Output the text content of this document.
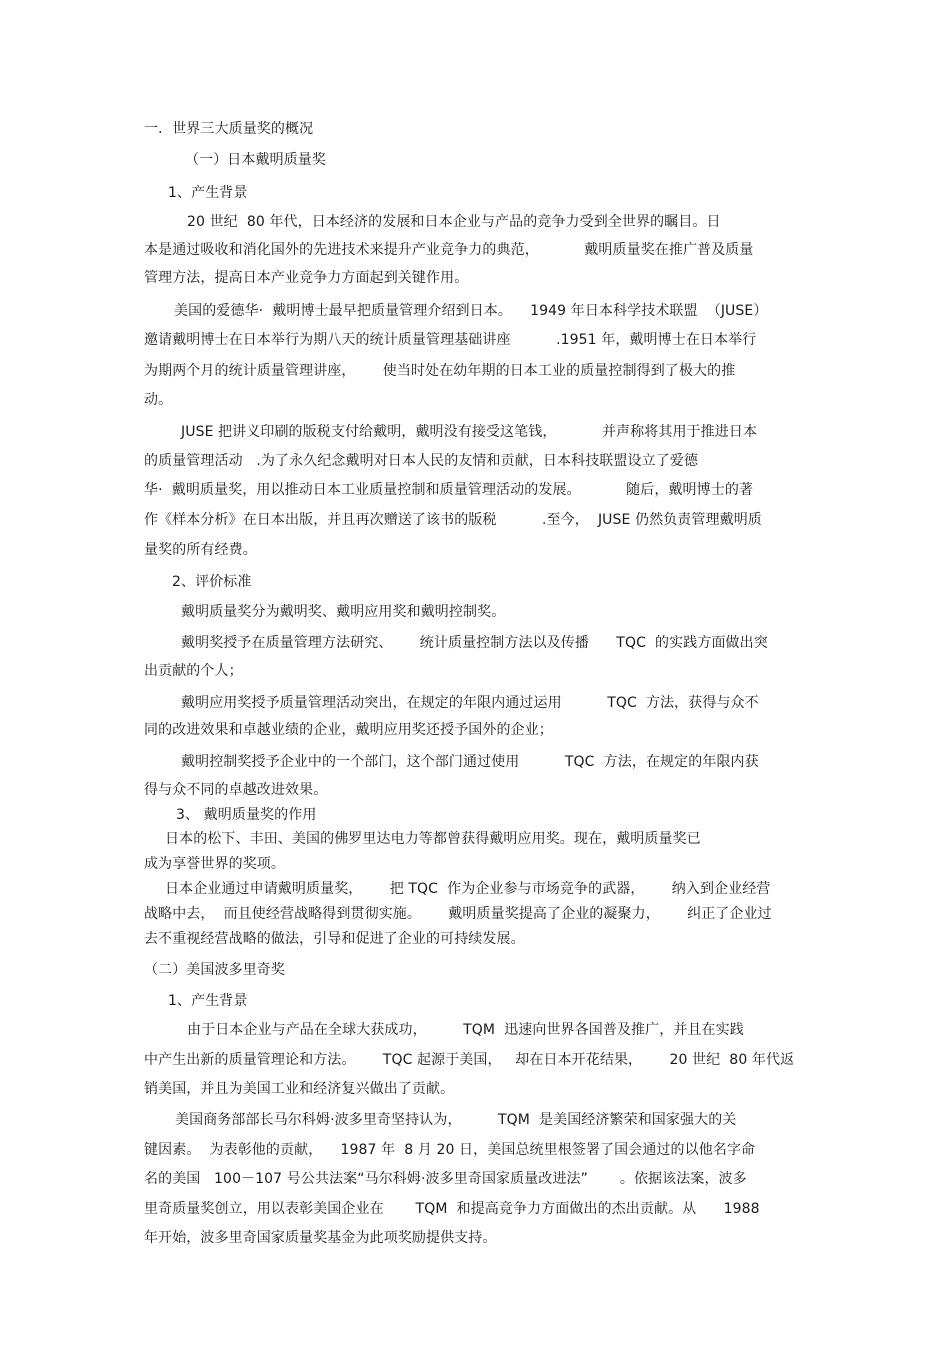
一．世界三大质量奖的概况
（一）日本戴明质量奖
1、产生背景
20 世纪  80 年代，日本经济的发展和日本企业与产品的竞争力受到全世界的瞩目。日
本是通过吸收和消化国外的先进技术来提升产业竞争力的典范，          戴明质量奖在推广普及质量
管理方法，提高日本产业竞争力方面起到关键作用。
美国的爱德华·  戴明博士最早把质量管理介绍到日本。    1949 年日本科学技术联盟  （JUSE）
邀请戴明博士在日本举行为期八天的统计质量管理基础讲座          .1951 年，戴明博士在日本举行
为期两个月的统计质量管理讲座，      使当时处在幼年期的日本工业的质量控制得到了极大的推
动。
JUSE 把讲义印刷的版税支付给戴明，戴明没有接受这笔钱，          并声称将其用于推进日本
的质量管理活动   .为了永久纪念戴明对日本人民的友情和贡献，日本科技联盟设立了爱德
华·  戴明质量奖，用以推动日本工业质量控制和质量管理活动的发展。          随后，戴明博士的著
作《样本分析》在日本出版，并且再次赠送了该书的版税          .至今，  JUSE 仍然负责管理戴明质
量奖的所有经费。
2、评价标准
戴明质量奖分为戴明奖、戴明应用奖和戴明控制奖。
戴明奖授予在质量管理方法研究、      统计质量控制方法以及传播      TQC  的实践方面做出突
出贡献的个人；
戴明应用奖授予质量管理活动突出，在规定的年限内通过运用          TQC  方法，获得与众不
同的改进效果和卓越业绩的企业，戴明应用奖还授予国外的企业；
戴明控制奖授予企业中的一个部门，这个部门通过使用          TQC  方法，在规定的年限内获
得与众不同的卓越改进效果。
3、 戴明质量奖的作用
日本的松下、丰田、美国的佛罗里达电力等都曾获得戴明应用奖。现在，戴明质量奖已
成为享誉世界的奖项。
日本企业通过申请戴明质量奖，      把 TQC  作为企业参与市场竞争的武器，      纳入到企业经营
战略中去，  而且使经营战略得到贯彻实施。      戴明质量奖提高了企业的凝聚力，      纠正了企业过
去不重视经营战略的做法，引导和促进了企业的可持续发展。
（二）美国波多里奇奖
1、产生背景
由于日本企业与产品在全球大获成功，        TQM  迅速向世界各国普及推广，并且在实践
中产生出新的质量管理论和方法。      TQC 起源于美国，   却在日本开花结果，      20 世纪  80 年代返
销美国，并且为美国工业和经济复兴做出了贡献。
美国商务部部长马尔科姆·波多里奇坚持认为，        TQM  是美国经济繁荣和国家强大的关
键因素。  为表彰他的贡献，    1987 年  8 月 20 日，美国总统里根签署了国会通过的以他名字命
名的美国   100－107 号公共法案“马尔科姆·波多里奇国家质量改进法”       。依据该法案，波多
里奇质量奖创立，用以表彰美国企业在       TQM  和提高竞争力方面做出的杰出贡献。从      1988
年开始，波多里奇国家质量奖基金为此项奖励提供支持。
